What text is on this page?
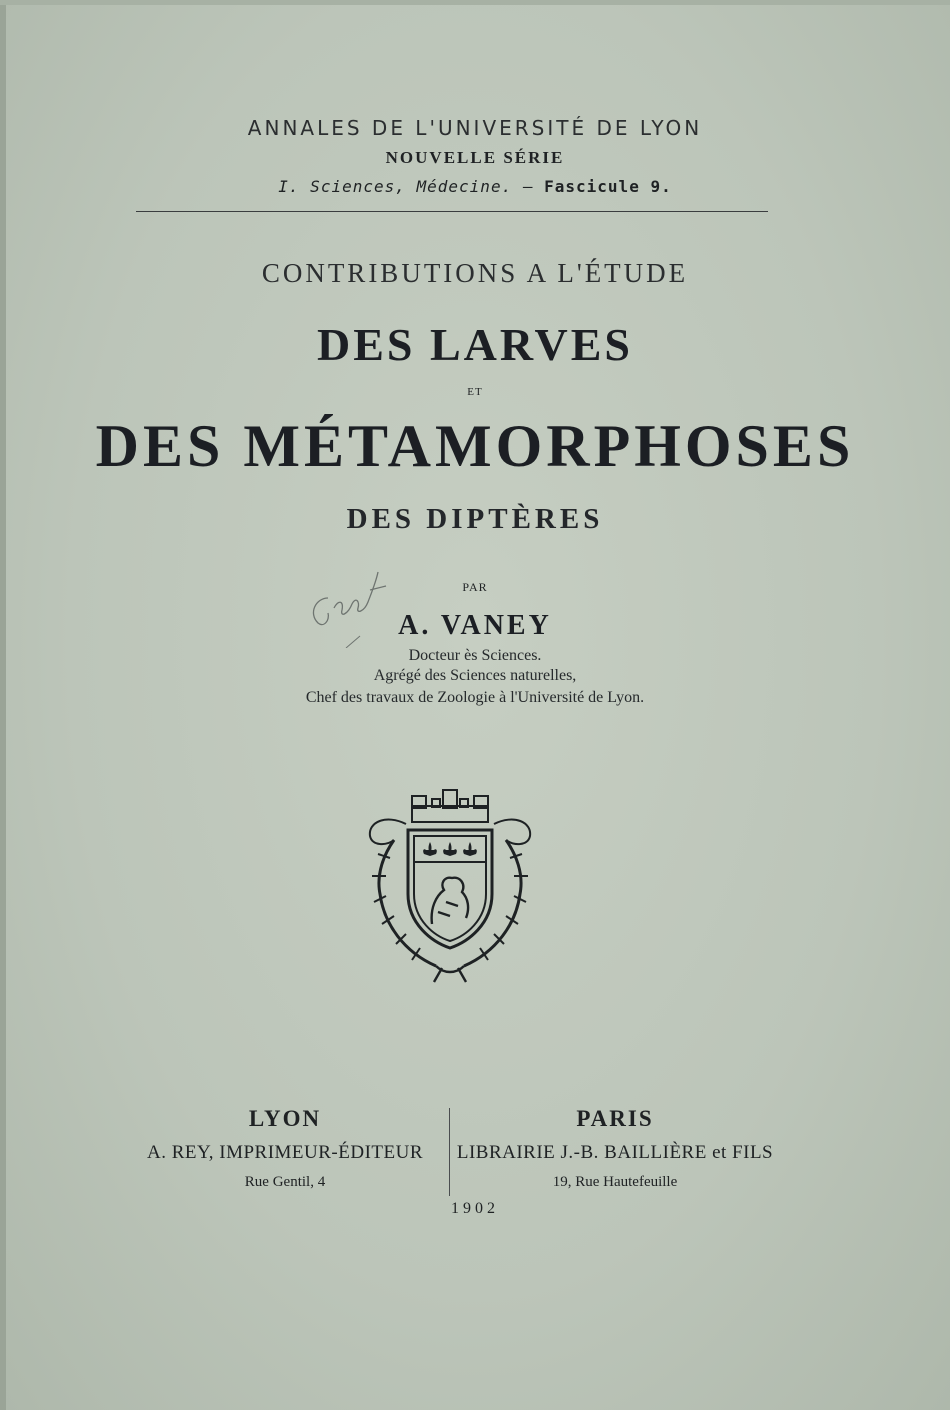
ANNALES DE L'UNIVERSITÉ DE LYON
NOUVELLE SÉRIE
I. Sciences, Médecine. — Fascicule 9.
CONTRIBUTIONS A L'ÉTUDE
DES LARVES
ET
DES MÉTAMORPHOSES
DES DIPTÈRES
PAR
A. VANEY
Docteur ès Sciences.
Agrégé des Sciences naturelles,
Chef des travaux de Zoologie à l'Université de Lyon.
LYON
A. REY, IMPRIMEUR-ÉDITEUR
Rue Gentil, 4
PARIS
LIBRAIRIE J.-B. BAILLIÈRE et FILS
19, Rue Hautefeuille
1902
